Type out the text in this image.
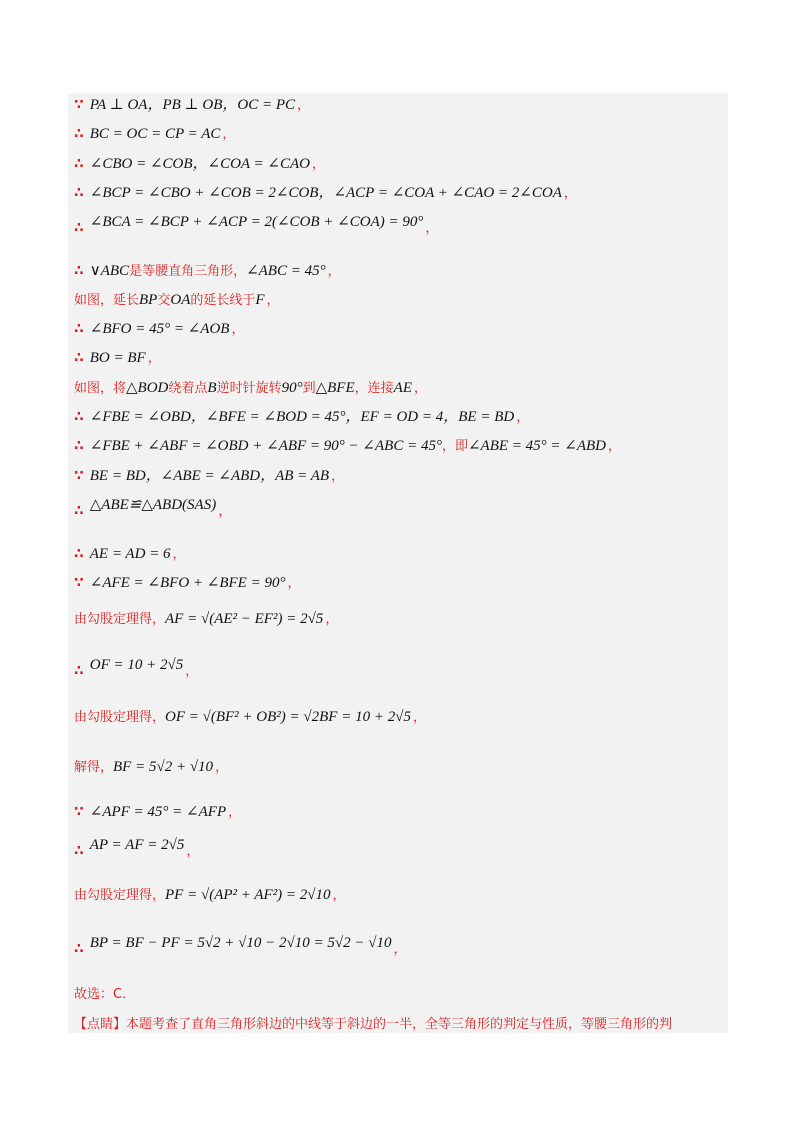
∵ PA ⊥ OA，PB ⊥ OB，OC = PC ，
∴ BC = OC = CP = AC ，
∴ ∠CBO = ∠COB，∠COA = ∠CAO ，
∴ ∠BCP = ∠CBO + ∠COB = 2∠COB，∠ACP = ∠COA + ∠CAO = 2∠COA ，
∴ ∠BCA = ∠BCP + ∠ACP = 2(∠COB + ∠COA) = 90° ，
∴ ∨ABC是等腰直角三角形，∠ABC = 45° ，
如图，延长BP交OA的延长线于F ，
∴ ∠BFO = 45° = ∠AOB ，
∴ BO = BF ，
如图，将△BOD绕着点B逆时针旋转90°到△BFE，连接AE ，
∴ ∠FBE = ∠OBD，∠BFE = ∠BOD = 45°，EF = OD = 4，BE = BD ，
∴ ∠FBE + ∠ABF = ∠OBD + ∠ABF = 90° − ∠ABC = 45°，即∠ABE = 45° = ∠ABD ，
∵ BE = BD，∠ABE = ∠ABD，AB = AB ，
∴ △ABE≌△ABD(SAS) ，
∴ AE = AD = 6 ，
∵ ∠AFE = ∠BFO + ∠BFE = 90° ，
由勾股定理得，AF = √(AE² − EF²) = 2√5 ，
∴ OF = 10 + 2√5 ，
由勾股定理得，OF = √(BF² + OB²) = √2BF = 10 + 2√5 ，
解得，BF = 5√2 + √10 ，
∵ ∠APF = 45° = ∠AFP ，
∴ AP = AF = 2√5 ，
由勾股定理得，PF = √(AP² + AF²) = 2√10 ，
∴ BP = BF − PF = 5√2 + √10 − 2√10 = 5√2 − √10 ，
故选：C．
【点睛】本题考查了直角三角形斜边的中线等于斜边的一半，全等三角形的判定与性质，等腰三角形的判
